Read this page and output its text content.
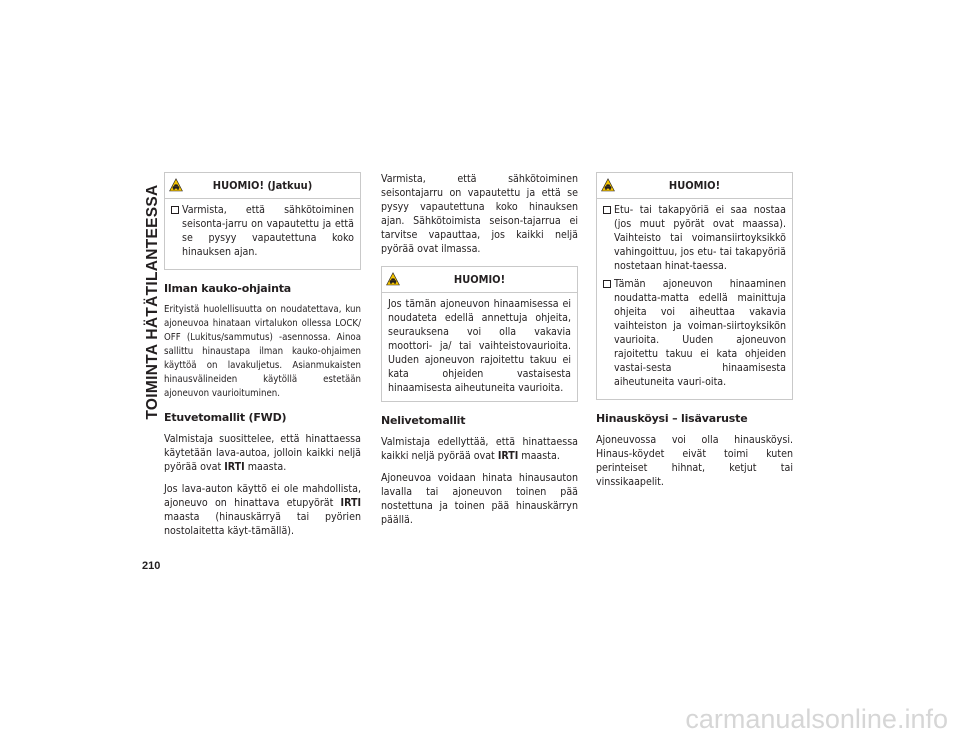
TOIMINTA HÄTÄTILANTEESSA	HUOMIO! (Jatkuu)
Varmista, että sähkötoiminen seisonta-jarru on vapautettu ja että se pysyy vapautettuna koko hinauksen ajan.
Ilman kauko-ohjainta

Erityistä huolellisuutta on noudatettava, kun ajoneuvoa hinataan virtalukon ollessa LOCK/ OFF (Lukitus/sammutus) -asennossa. Ainoa sallittu hinaustapa ilman kauko-ohjaimen käyttöä on lavakuljetus. Asianmukaisten hinausvälineiden käytöllä estetään ajoneuvon vaurioituminen.

Etuvetomallit (FWD)

Valmistaja suosittelee, että hinattaessa käytetään lava-autoa, jolloin kaikki neljä pyörää ovat IRTI maasta.

Jos lava-auton käyttö ei ole mahdollista, ajoneuvo on hinattava etupyörät IRTI maasta (hinauskärryä tai pyörien nostolaitetta käyt-tämällä).

Varmista, että sähkötoiminen seisontajarru on vapautettu ja että se pysyy vapautettuna koko hinauksen ajan. Sähkötoimista seison-tajarrua ei tarvitse vapauttaa, jos kaikki neljä pyörää ovat ilmassa.

HUOMIO!
Jos tämän ajoneuvon hinaamisessa ei noudateta edellä annettuja ohjeita, seurauksena voi olla vakavia moottori- ja/ tai vaihteistovaurioita. Uuden ajoneuvon rajoitettu takuu ei kata ohjeiden vastaisesta hinaamisesta aiheutuneita vaurioita.
Nelivetomallit

Valmistaja edellyttää, että hinattaessa kaikki neljä pyörää ovat IRTI maasta.

Ajoneuvoa voidaan hinata hinausauton lavalla tai ajoneuvon toinen pää nostettuna ja toinen pää hinauskärryn päällä.

HUOMIO!
Etu- tai takapyöriä ei saa nostaa (jos muut pyörät ovat maassa). Vaihteisto tai voimansiirtoyksikkö vahingoittuu, jos etu- tai takapyöriä nostetaan hinat-taessa.
Tämän ajoneuvon hinaaminen noudatta-matta edellä mainittuja ohjeita voi aiheuttaa vakavia vaihteiston ja voiman-siirtoyksikön vaurioita. Uuden ajoneuvon rajoitettu takuu ei kata ohjeiden vastai-sesta hinaamisesta aiheutuneita vauri-oita.
Hinausköysi – lisävaruste

Ajoneuvossa voi olla hinausköysi. Hinaus-köydet eivät toimi kuten perinteiset hihnat, ketjut tai vinssikaapelit.

210
carmanualsonline.info
